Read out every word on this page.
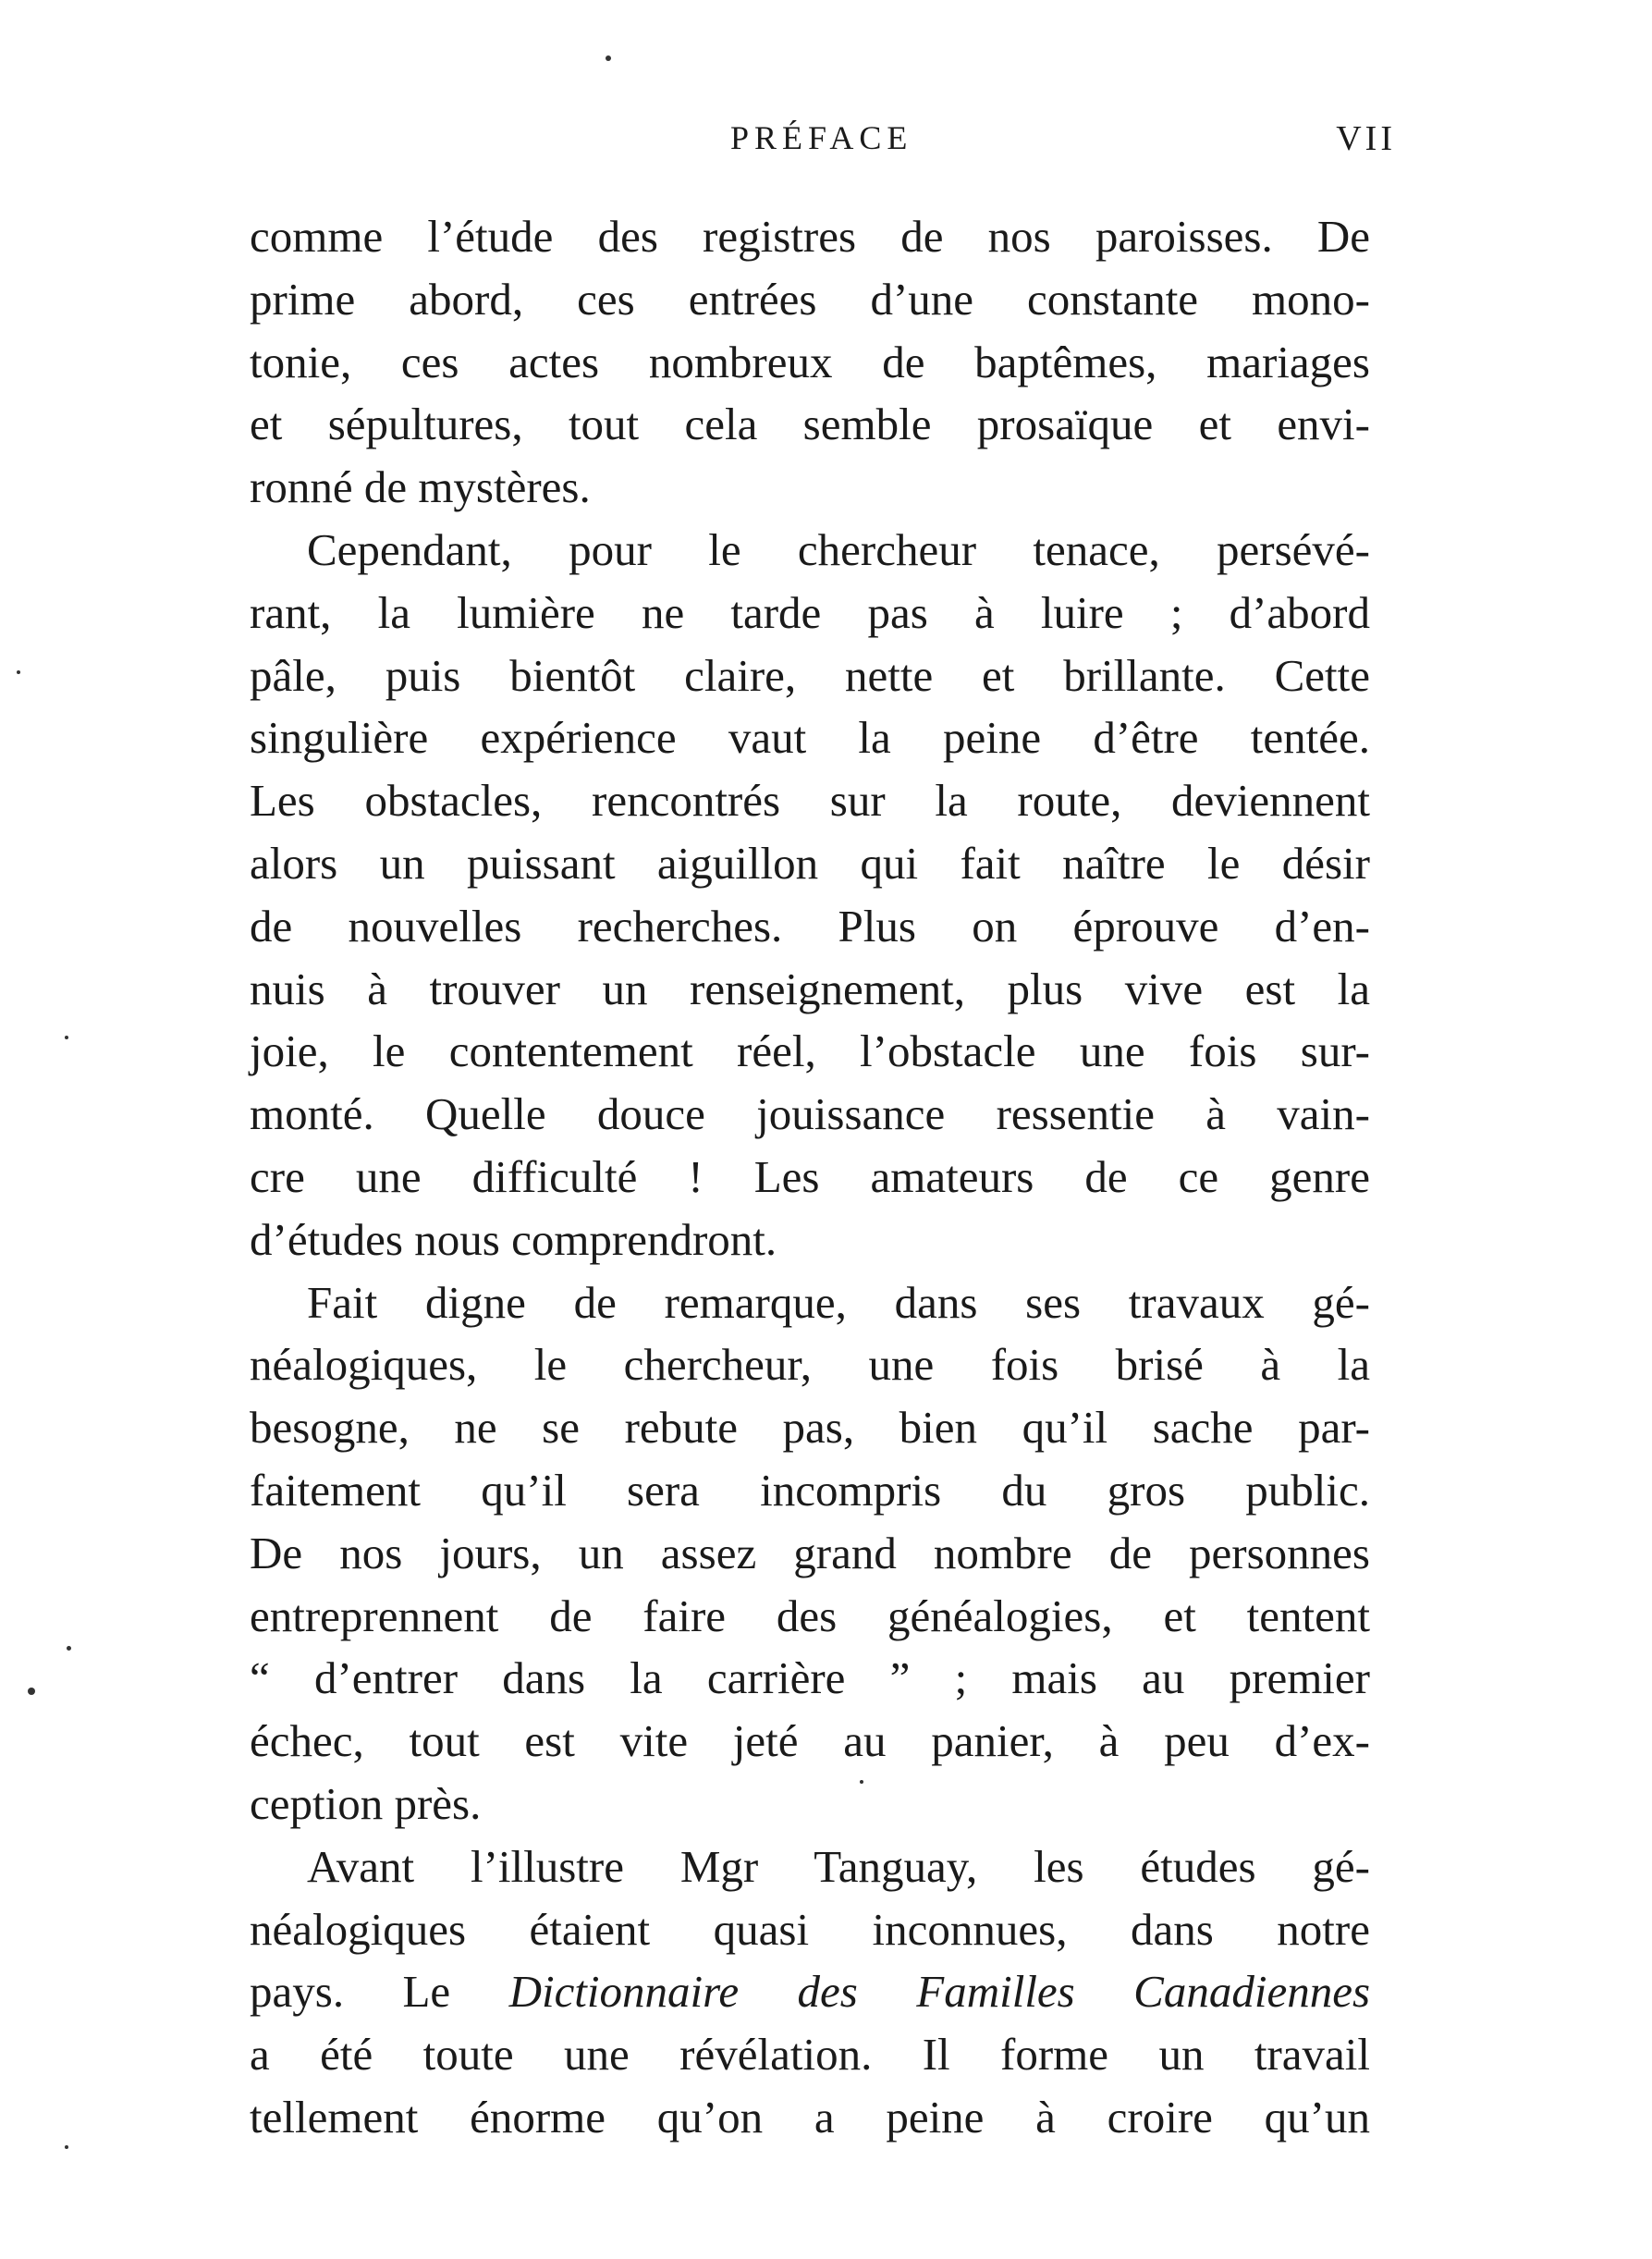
PRÉFACE	VII
comme l’étude des registres de nos paroisses. De
prime abord, ces entrées d’une constante mono-
tonie, ces actes nombreux de baptêmes, mariages
et sépultures, tout cela semble prosaïque et envi-
ronné de mystères.
Cependant, pour le chercheur tenace, persévé-
rant, la lumière ne tarde pas à luire ; d’abord
pâle, puis bientôt claire, nette et brillante. Cette
singulière expérience vaut la peine d’être tentée.
Les obstacles, rencontrés sur la route, deviennent
alors un puissant aiguillon qui fait naître le désir
de nouvelles recherches. Plus on éprouve d’en-
nuis à trouver un renseignement, plus vive est la
joie, le contentement réel, l’obstacle une fois sur-
monté. Quelle douce jouissance ressentie à vain-
cre une difficulté ! Les amateurs de ce genre
d’études nous comprendront.
Fait digne de remarque, dans ses travaux gé-
néalogiques, le chercheur, une fois brisé à la
besogne, ne se rebute pas, bien qu’il sache par-
faitement qu’il sera incompris du gros public.
De nos jours, un assez grand nombre de personnes
entreprennent de faire des généalogies, et tentent
“ d’entrer dans la carrière ” ; mais au premier
échec, tout est vite jeté au panier, à peu d’ex-
ception près.
Avant l’illustre Mgr Tanguay, les études gé-
néalogiques étaient quasi inconnues, dans notre
pays. Le Dictionnaire des Familles Canadiennes
a été toute une révélation. Il forme un travail
tellement énorme qu’on a peine à croire qu’un
